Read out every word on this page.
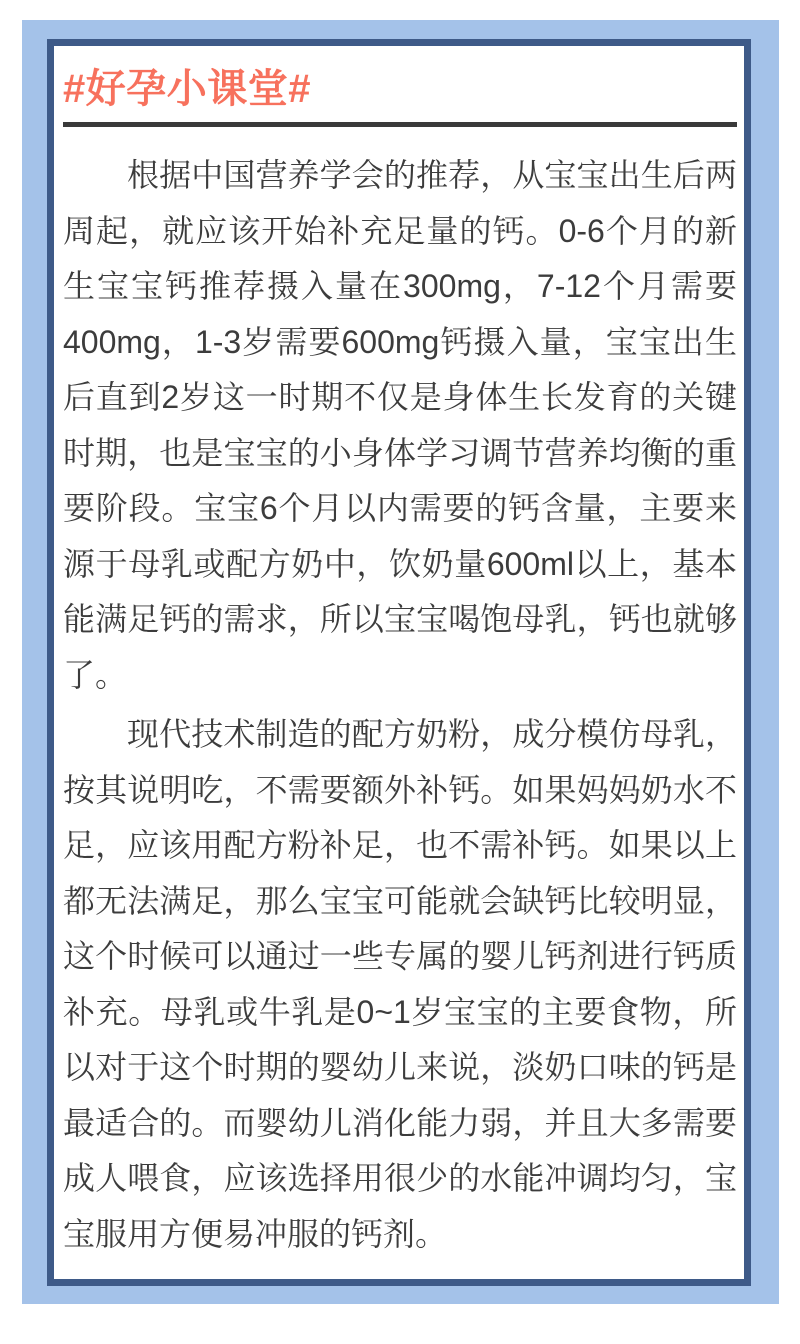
#好孕小课堂#

根据中国营养学会的推荐，从宝宝出生后两周起，就应该开始补充足量的钙。0-6个月的新生宝宝钙推荐摄入量在300mg，7-12个月需要400mg，1-3岁需要600mg钙摄入量，宝宝出生后直到2岁这一时期不仅是身体生长发育的关键时期，也是宝宝的小身体学习调节营养均衡的重要阶段。宝宝6个月以内需要的钙含量，主要来源于母乳或配方奶中，饮奶量600ml以上，基本能满足钙的需求，所以宝宝喝饱母乳，钙也就够了。

现代技术制造的配方奶粉，成分模仿母乳，按其说明吃，不需要额外补钙。如果妈妈奶水不足，应该用配方粉补足，也不需补钙。如果以上都无法满足，那么宝宝可能就会缺钙比较明显，这个时候可以通过一些专属的婴儿钙剂进行钙质补充。母乳或牛乳是0~1岁宝宝的主要食物，所以对于这个时期的婴幼儿来说，淡奶口味的钙是最适合的。而婴幼儿消化能力弱，并且大多需要成人喂食，应该选择用很少的水能冲调均匀，宝宝服用方便易冲服的钙剂。
